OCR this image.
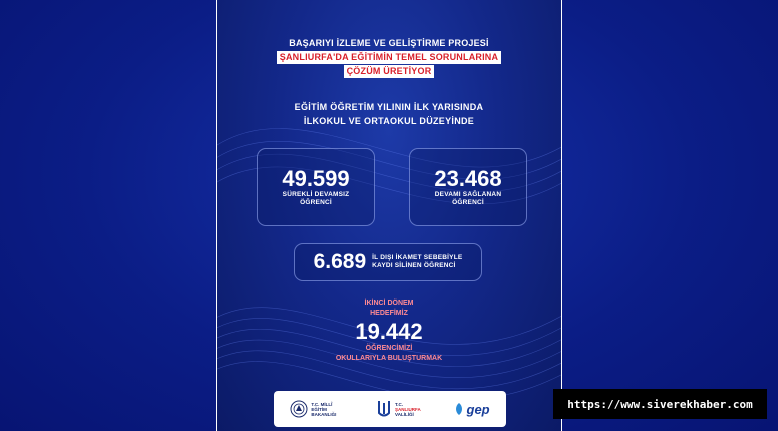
BAŞARIYI İZLEME VE GELİŞTİRME PROJESİ
ŞANLIURFA'DA EĞİTİMİN TEMEL SORUNLARINA
ÇÖZÜM ÜRETİYOR
EĞİTİM ÖĞRETİM YILININ İLK YARISINDA
İLKOKUL VE ORTAOKUL DÜZEYİNDE
49.599
SÜREKLİ DEVAMSIZ
ÖĞRENCİ
23.468
DEVAMI SAĞLANAN
ÖĞRENCİ
6.689 İL DIŞI İKAMET SEBEBİYLE
KAYDI SİLİNEN ÖĞRENCİ
İKİNCİ DÖNEM
HEDEFİMİZ
19.442
ÖĞRENCİMİZİ
OKULLARIYLA BULUŞTURMAK
T.C. MİLLÎ EĞİTİM BAKANLIĞI
T.C.
ŞANLIURFA
VALİLİĞİ	gep	https://www.siverekhaber.com
